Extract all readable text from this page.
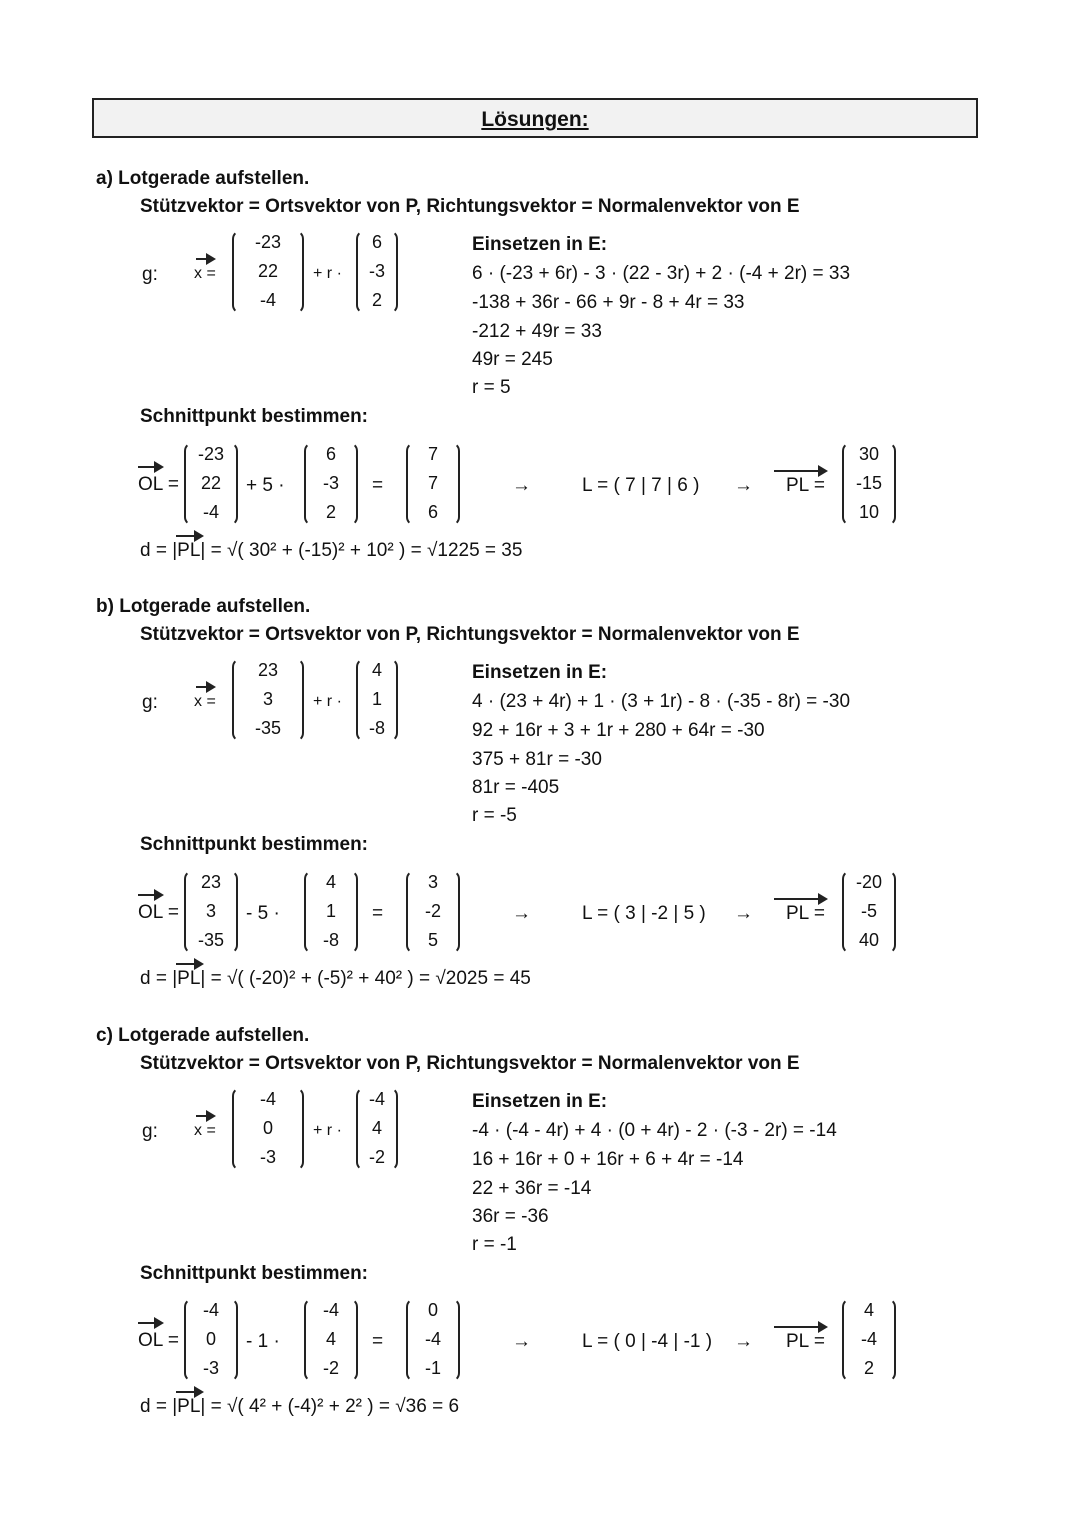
Lösungen:
a) Lotgerade aufstellen.
Stützvektor = Ortsvektor von P, Richtungsvektor = Normalenvektor von E
g: x =
-23
22
-4
+ r ·
6
-3
2
Einsetzen in E:
6 · (-23 + 6r) - 3 · (22 - 3r) + 2 · (-4 + 2r) = 33
-138 + 36r - 66 + 9r - 8 + 4r = 33
-212 + 49r = 33
49r = 245
r = 5
Schnittpunkt bestimmen:
OL =
-23
22
-4
+ 5 ·
6
-3
2
=
7
7
6
→	L = ( 7 | 7 | 6 ) → PL =
30
-15
10
d = |PL| = √( 30² + (-15)² + 10² ) = √1225 = 35
b) Lotgerade aufstellen.
Stützvektor = Ortsvektor von P, Richtungsvektor = Normalenvektor von E
g: x =
23
3
-35
+ r ·
4
1
-8
Einsetzen in E:
4 · (23 + 4r) + 1 · (3 + 1r) - 8 · (-35 - 8r) = -30
92 + 16r + 3 + 1r + 280 + 64r = -30
375 + 81r = -30
81r = -405
r = -5
Schnittpunkt bestimmen:
OL =
23
3
-35
- 5 ·
4
1
-8
=
3
-2
5
→	L = ( 3 | -2 | 5 ) → PL =
-20
-5
40
d = |PL| = √( (-20)² + (-5)² + 40² ) = √2025 = 45
c) Lotgerade aufstellen.
Stützvektor = Ortsvektor von P, Richtungsvektor = Normalenvektor von E
g: x =
-4
0
-3
+ r ·
-4
4
-2
Einsetzen in E:
-4 · (-4 - 4r) + 4 · (0 + 4r) - 2 · (-3 - 2r) = -14
16 + 16r + 0 + 16r + 6 + 4r = -14
22 + 36r = -14
36r = -36
r = -1
Schnittpunkt bestimmen:
OL =
-4
0
-3
- 1 ·
-4
4
-2
=
0
-4
-1
→	L = ( 0 | -4 | -1 ) → PL =
4
-4
2
d = |PL| = √( 4² + (-4)² + 2² ) = √36 = 6
